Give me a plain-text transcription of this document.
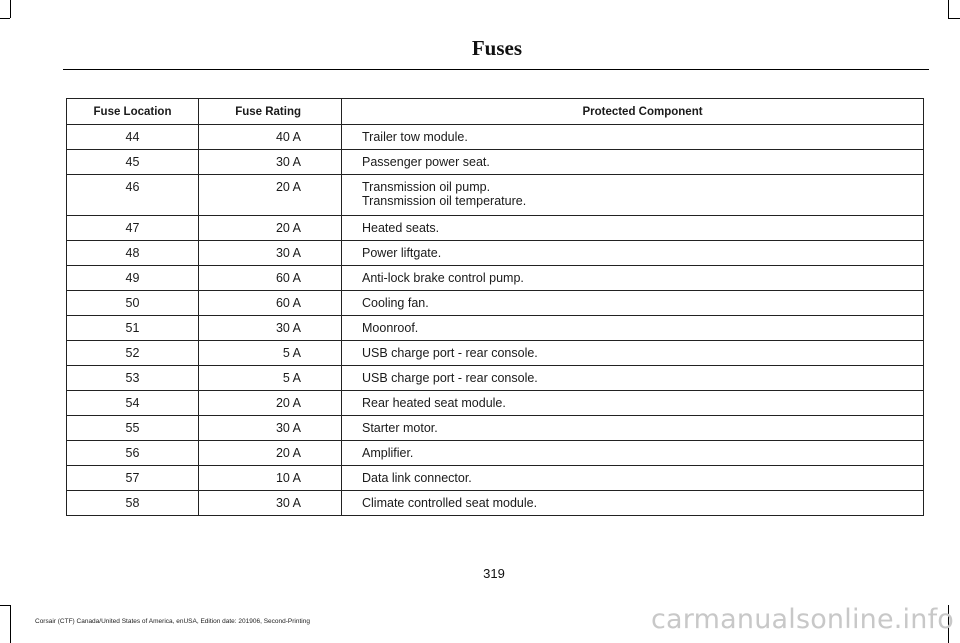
Fuses
Fuse Location	Fuse Rating	Protected Component
44	40 A	Trailer tow module.
45	30 A	Passenger power seat.
46	20 A	Transmission oil pump.
Transmission oil temperature.

47	20 A	Heated seats.
48	30 A	Power liftgate.
49	60 A	Anti-lock brake control pump.
50	60 A	Cooling fan.
51	30 A	Moonroof.
52	5 A	USB charge port - rear console.
53	5 A	USB charge port - rear console.
54	20 A	Rear heated seat module.
55	30 A	Starter motor.
56	20 A	Amplifier.
57	10 A	Data link connector.
58	30 A	Climate controlled seat module.
319
Corsair (CTF) Canada/United States of America, enUSA, Edition date: 201906, Second-Printing	carmanualsonline.info
